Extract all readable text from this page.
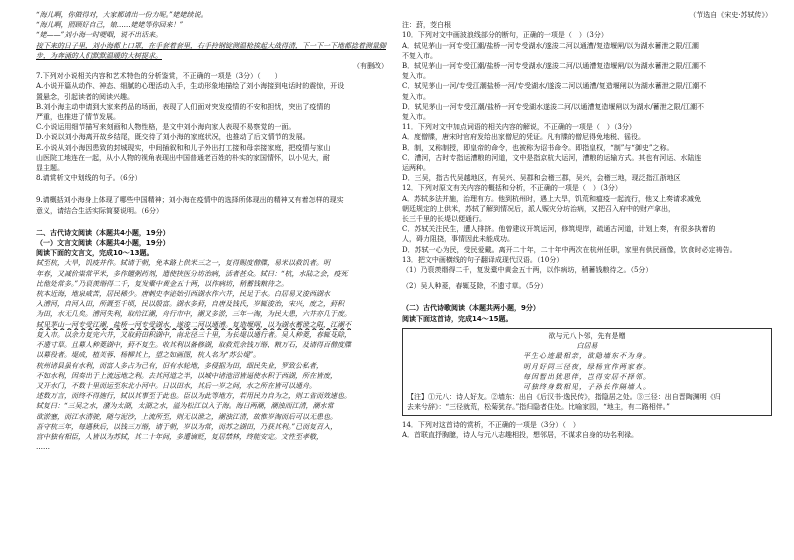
“海儿啊，你做得对，大家都请出一份力呢。”姥姥续说。
“海儿啊，照顾好自己，娘……姥姥等你回来！”
“姥——”刘小海一时哽咽，说不出话来。
接下来的日子里，刘小海都上口罩，在手套着套里，右手拎钢锭测温枪挨起大战得清，下一下一下地都捻着测量脚步，为奔涌的人们默默温暖的大树提求。
（有删改）
7.下列对小说相关内容和艺术特色的分析鉴赏，不正确的一项是（3分）（　　）
A.小说开篇从动作、神态、细腻的心理活动入手，生动形象地描绘了刘小海接到电话时的震惊，开设
置悬念，引起读者的阅读兴趣。
B.刘小海主动申请到大家来药品的场面，表现了人们面对突发疫情的不安和担忧，突出了疫情的
严重，也推进了情节发展。
C.小说运用细节描写来刻画和人物性格，是文中刘小海向家人表现不易察觉的一面。
D.小说以刘小海离开故乡结尾，既交待了刘小海的家庭状况，也推动了后文情节的发展。
E.小说从刘小海因患致的封城现实，中间插叙和和儿子外出打工接和母亲接家庭，把疫情与家山
山医院工地连在一起，从小人物的视角表现出中国普通老百姓的朴实的家国情怀，以小见大，耐
显主题。
8.请赏析文中划线的句子。（6分）
9.请概括刘小海身上体现了哪些中国精神；刘小海在疫情中的选择所体现出的精神又有着怎样的现实
意义，请结合生活实际简要说明。（6分）
二、古代诗文阅读（本题共4小题，19分）
（一）文言文阅读（本题共4小题，19分）
阅读下面的文言文，完成10～13题。
轼至杭，大旱，饥疫并作。轼请于朝，免本路上供米三之一，复得赐度僧牒，易米以救饥者。明
年春，又减价粜常平米，多作饘粥药剂，遣使挟医分坊治病，活者甚众。轼曰：“杭，水陆之会，疫死
比他处常多。”乃裒羡缗得二千，复发橐中黄金五十两，以作病坊，稍蓄钱粮待之。
杭本近海，地泉咸苦，居民稀少。唐刺史李泌始引西湖水作六井，民足于水。白居易又浚西湖水
入漕河，自河入田，所溉至千顷，民以殷富。湖水多葑，自唐及钱氏，岁辄浚治，宋兴，废之，葑积
为田，水无几矣。漕河失利，取给江潮，舟行市中，潮又多淤，三年一淘，为民大患，六井亦几于废。
轼见茅山一河专受江潮，盐桥一河专受湖水，遂浚二河以通漕。复造堰闸，以为湖水蓄泄之限，江潮不
复入市。以余力复完六井，又取葑田积湖中，南北径三十里，为长堤以通行者。吴人种菱，春辄芟除，
不遗寸草。且募人种菱湖中，葑不复生。收其利以备修湖，取救荒余钱万缗、粮万石，及请得百僧度牒
以募役者。堤成，植芙蓉、杨柳其上，望之如画图，杭人名为“苏公堤”。
杭州诸县虽有水利，而富人多占为己有，旧有水轮地，多侵据为田，细民失业，罗致公私者，
不如水利，因奏出于上流远地之利。去其河道之半，以城中诸池沼皆逼使水积于西湖，所在皆废，
又开水门，不数十里而运至东北小河中。日以田水，其后一岁之间，水之所在皆可以通舟。
述数万言，而终不得施行，轼以其事至于此也。臣以为此等地方，若用民力自为之，则工省而效速也。
轼复曰：“三吴之水，潴为太湖，太湖之水，溢为松江以入于海。海日两潮，潮浊而江清，潮水常
欲淤塞，而江水清驶，随与泥沙，上流所至，则无以泄之，潮浊江清，故惟岁淘而后可以无患也。
吾守杭三年，每遇秋后，以钱三万缗，请于朝，岁以为常，而苏之湖田，乃获其利。”已而复召入，
宫中独有相臣，人皆以为苏轼，其二十年间，多遭谪贬，复居禁林，终能安定。文性至孝敬，
……
（节选自《宋史·苏轼传》）
注：葑，茭白根
10．下列对文中画波浪线部分的断句，正确的一项是（　）（3分）
A．轼见茅山一河专受江潮/盐桥一河专受湖水/遂浚二河以通漕/复造堰闸/以为湖水蓄泄之限/江潮
不复入市。
B．轼见茅山一河专受江潮/盐桥一河专受湖水/遂浚二河/以通漕复造堰闸/以为湖水蓄泄之限/江潮不
复入市。
C．轼见茅山一河/专受江潮盐桥一河/专受湖水/遂浚二河以通漕/复造堰闸以为湖水蓄泄之限/江潮不
复入市。
D．轼见茅山一河专受江潮/盐桥一河专受湖水遂浚二河/以通漕复造堰闸以为湖水/蓄泄之限/江潮不
复入市。
11．下列对文中加点词语的相关内容的解说，不正确的一项是（　）（3分）
A．度僧牒，唐宋时官府发给出家僧尼的凭证。凡有牒的僧尼得免地税、徭役。
B．制，又称制授，即皇帝的命令，也被称为诏书命令。即指皇权，“制”与“御史”之称。
C．漕河，古时专指运漕粮的河道，文中是指京杭大运河，漕粮的运输方式。其也有河运、水陆连
运两种。
D．三吴，指古代吴越地区，有吴兴、吴郡和会稽三郡，吴兴，会稽三地，现泛指江浙地区
12．下列对原文有关内容的概括和分析，不正确的一项是（　）（3分）
A．苏轼多法并施，治理有方。他到杭州时，遇上大旱，饥荒和瘟疫一起流行，他又上奏请求减免
朝廷规定的上供米，苏轼了解到情况后，派人赈灾分坊治病，又把召入府中的财产拿出，
长三千里的长堤以便通行。
C．苏轼关注民生，遭人排挤。他曾建议开筑运河，修筑堤岸，疏通古河道，计划上奏，有很多执着的
人，碍力阻挠，事情因此未能成功。
D．苏轼一心为民，受民爱戴。离开二十年，二十年中两次在杭州任职，家里有供民画像，饮食时必定祷告。
13．把文中画横线的句子翻译成现代汉语。（10分）
（1）乃裒羡缗得二千，复发橐中黄金五十两，以作病坊，稍蓄钱粮待之。（5分）
（2）吴人种菱，春辄芟除，不遗寸草。（5分）
（二）古代诗歌阅读（本题共两小题，9分）
阅读下面这首诗，完成14～15题。
欲与元八卜邻，先有是赠
白居易
平生心迹最相亲，欲隐墙东不为身。
明月好同三径夜，绿杨宜作两家春。
每因暂出犹思伴，岂得安居不择邻。
可独终身数相见，子孙长作隔墙人。
【注】①元八：诗人好友。②墙东：出自《后汉书·逸民传》，指隐居之处。③三径：出自晋陶渊明《归
去来兮辞》：“三径就荒，松菊犹存。”指归隐者住处。比喻家园，“地主，有二路相伴。”
14．下列对这首诗的赏析，不正确的一项是（3分）（　）
A．首联直抒胸臆，诗人与元八志趣相投，想邻居，不谋求自身的功名利禄。
